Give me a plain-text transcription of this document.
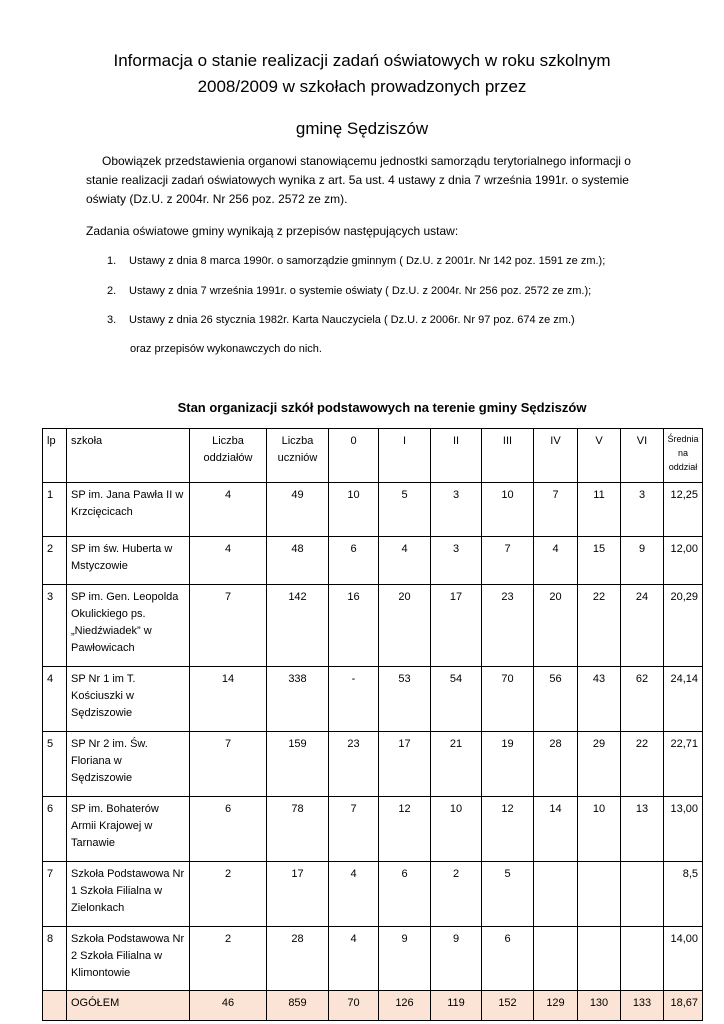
Informacja o stanie realizacji zadań oświatowych w roku szkolnym
2008/2009 w szkołach prowadzonych przez
gminę Sędziszów
Obowiązek przedstawienia organowi stanowiącemu jednostki samorządu terytorialnego informacji o stanie realizacji zadań oświatowych wynika z art. 5a ust. 4 ustawy z dnia 7 września 1991r. o systemie oświaty (Dz.U. z 2004r. Nr 256 poz. 2572 ze zm).
Zadania oświatowe gminy wynikają z przepisów następujących ustaw:
1. Ustawy z dnia 8 marca 1990r. o samorządzie gminnym ( Dz.U. z 2001r. Nr 142 poz. 1591 ze zm.);
2. Ustawy z dnia 7 września 1991r. o systemie oświaty ( Dz.U. z 2004r. Nr 256 poz. 2572 ze zm.);
3. Ustawy z dnia 26 stycznia 1982r. Karta Nauczyciela ( Dz.U. z 2006r. Nr 97 poz. 674 ze zm.)
oraz przepisów wykonawczych do nich.
Stan organizacji szkół podstawowych na terenie gminy Sędziszów
lp	szkoła	Liczba oddziałów	Liczba uczniów	0	I	II	III	IV	V	VI	Średnia na oddział
1	SP im. Jana Pawła II w Krzcięcicach	4	49	10	5	3	10	7	11	3	12,25
2	SP im św. Huberta w Mstyczowie	4	48	6	4	3	7	4	15	9	12,00
3	SP im. Gen. Leopolda Okulickiego ps. „Niedźwiadek” w Pawłowicach	7	142	16	20	17	23	20	22	24	20,29
4	SP Nr 1 im T. Kościuszki w Sędziszowie	14	338	-	53	54	70	56	43	62	24,14
5	SP Nr 2 im. Św. Floriana w Sędziszowie	7	159	23	17	21	19	28	29	22	22,71
6	SP im. Bohaterów Armii Krajowej w Tarnawie	6	78	7	12	10	12	14	10	13	13,00
7	Szkoła Podstawowa Nr 1 Szkoła Filialna w Zielonkach	2	17	4	6	2	5				8,5
8	Szkoła Podstawowa Nr 2 Szkoła Filialna w Klimontowie	2	28	4	9	9	6				14,00
	OGÓŁEM	46	859	70	126	119	152	129	130	133	18,67
